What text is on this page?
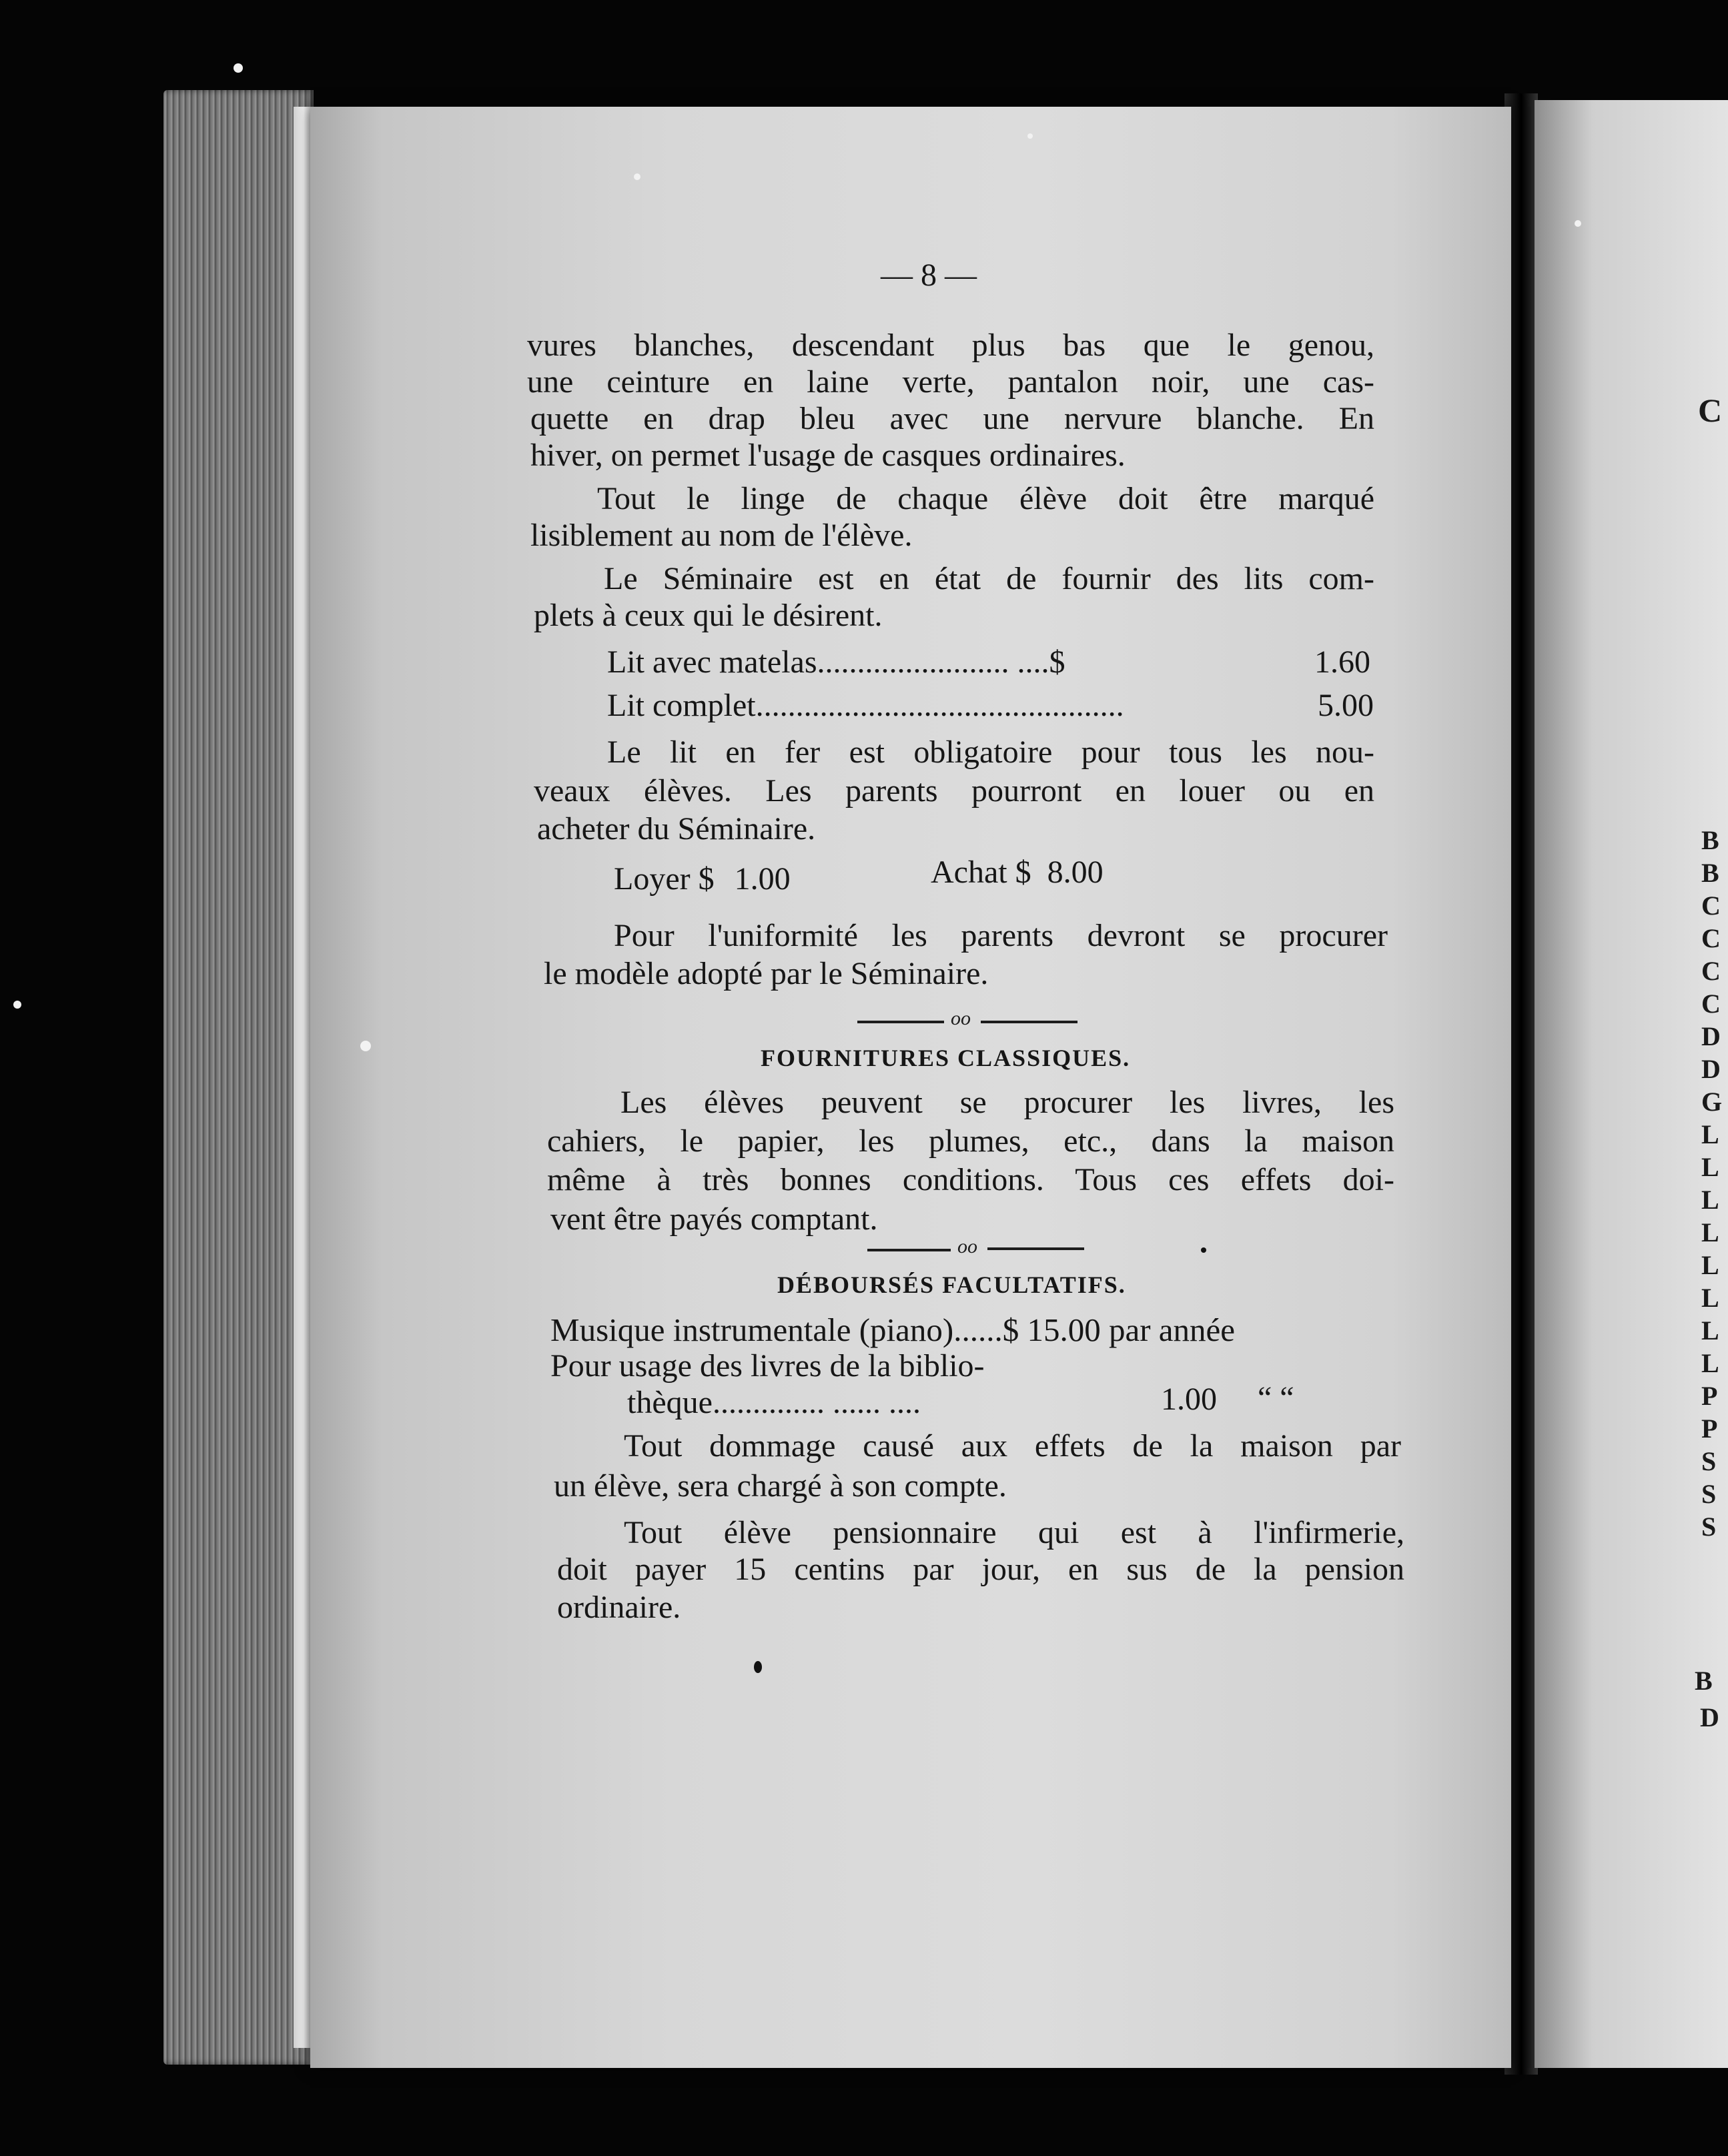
— 8 —
vures blanches, descendant plus bas que le genou,
une ceinture en laine verte, pantalon noir, une cas-
quette en drap bleu avec une nervure blanche. En
hiver, on permet l'usage de casques ordinaires.
Tout le linge de chaque élève doit être marqué
lisiblement au nom de l'élève.
Le Séminaire est en état de fournir des lits com-
plets à ceux qui le désirent.
Lit avec matelas........................ ....$	1.60
Lit complet..............................................	5.00
Le lit en fer est obligatoire pour tous les nou-
veaux élèves. Les parents pourront en louer ou en
acheter du Séminaire.
Loyer $ 1.00	Achat $ 8.00
Pour l'uniformité les parents devront se procurer
le modèle adopté par le Séminaire.
oo
FOURNITURES CLASSIQUES.
Les élèves peuvent se procurer les livres, les
cahiers, le papier, les plumes, etc., dans la maison
même à très bonnes conditions. Tous ces effets doi-
vent être payés comptant.
oo
DÉBOURSÉS FACULTATIFS.
Musique instrumentale (piano)......$ 15.00 par année
Pour usage des livres de la biblio-
thèque.............. ...... ....	1.00 “ “
Tout dommage causé aux effets de la maison par
un élève, sera chargé à son compte.
Tout élève pensionnaire qui est à l'infirmerie,
doit payer 15 centins par jour, en sus de la pension
ordinaire.
C
B
B
C
C
C
C
D
D
G
L
L
L
L
L
L
L
L
P
P
S
S
S
B
D
